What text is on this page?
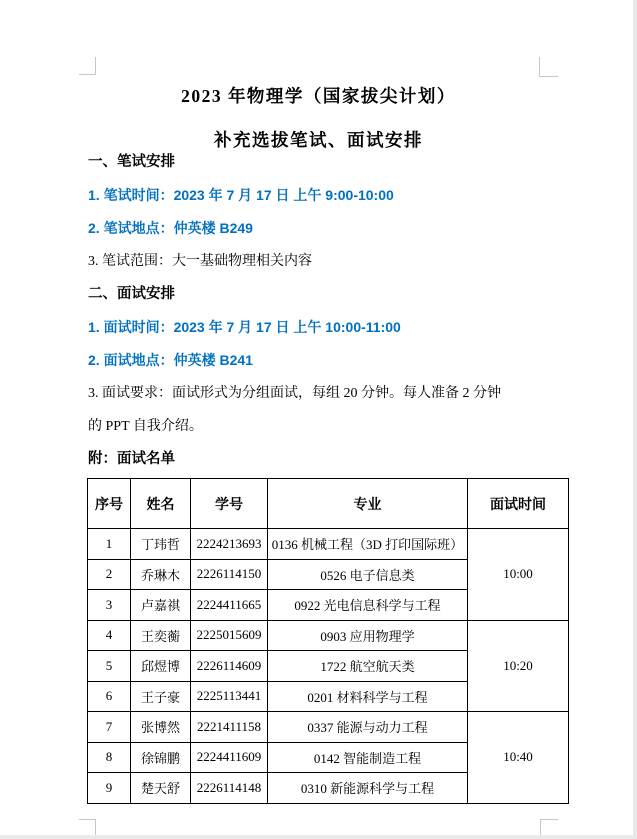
2023 年物理学（国家拔尖计划）
补充选拔笔试、面试安排
一、笔试安排
1. 笔试时间：2023 年 7 月 17 日 上午 9:00-10:00
2. 笔试地点：仲英楼 B249
3. 笔试范围：大一基础物理相关内容
二、面试安排
1. 面试时间：2023 年 7 月 17 日 上午 10:00-11:00
2. 面试地点：仲英楼 B241
3. 面试要求：面试形式为分组面试，每组 20 分钟。每人准备 2 分钟
的 PPT 自我介绍。
附：面试名单
序号	姓名	学号	专业	面试时间
1	丁玮哲	2224213693	0136 机械工程（3D 打印国际班）	10:00
2	乔琳木	2226114150	0526 电子信息类	
3	卢嘉祺	2224411665	0922 光电信息科学与工程	
4	王奕蘅	2225015609	0903 应用物理学	10:20
5	邱煜博	2226114609	1722 航空航天类	
6	王子豪	2225113441	0201 材料科学与工程	
7	张博然	2221411158	0337 能源与动力工程	10:40
8	徐锦鹏	2224411609	0142 智能制造工程	
9	楚天舒	2226114148	0310 新能源科学与工程	
